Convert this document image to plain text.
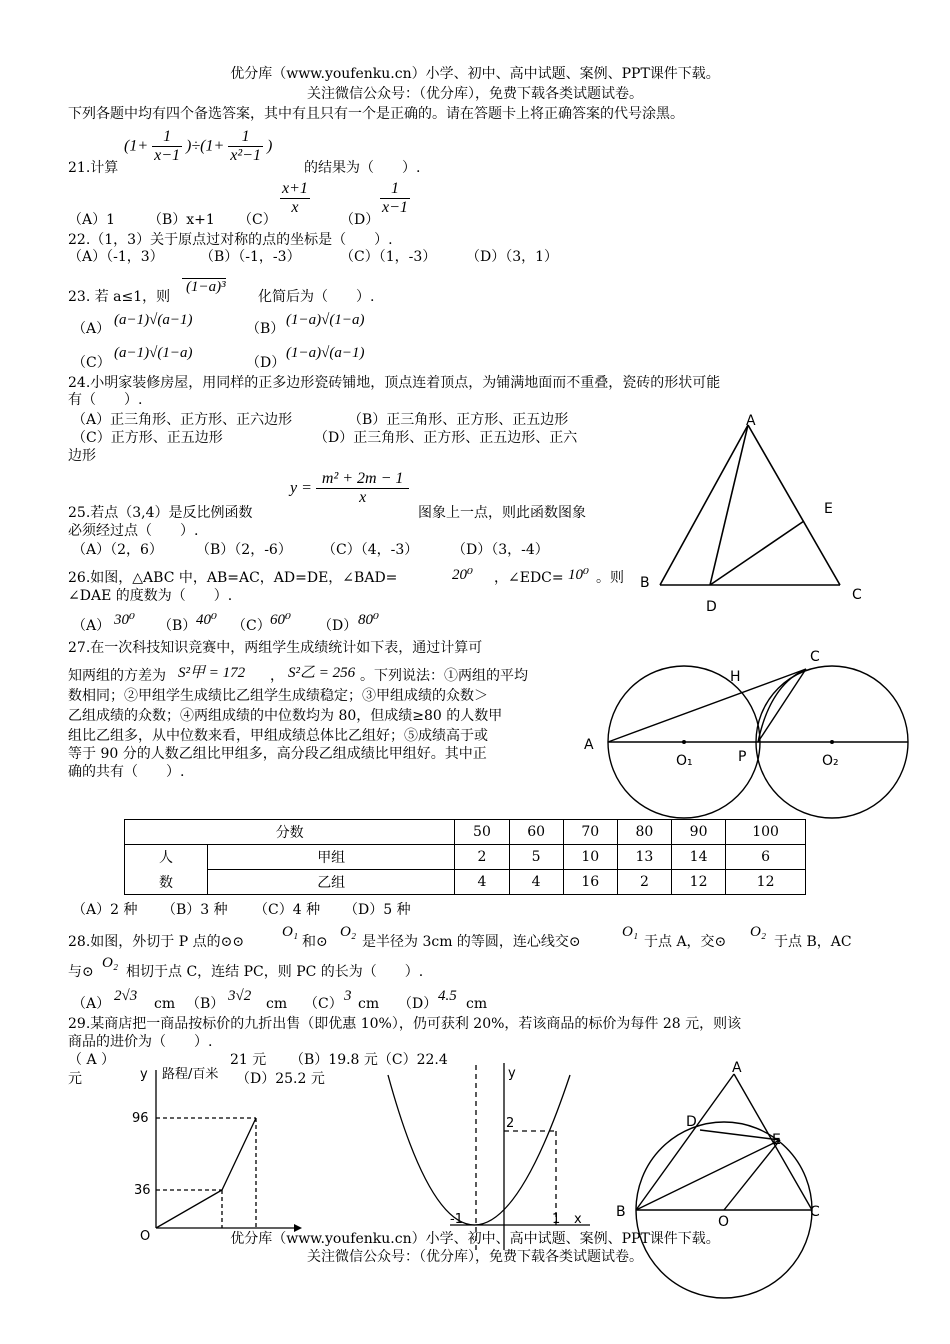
优分库（www.youfenku.cn）小学、初中、高中试题、案例、PPT课件下载。
关注微信公众号：（优分库），免费下载各类试题试卷。
下列各题中均有四个备选答案，其中有且只有一个是正确的。请在答题卡上将正确答案的代号涂黑。
21.计算
$(1+ \frac{1}{x-1} )\div(1+ \frac{1}{\text{x²−1}}$ )
的结果为（　　）.
（A）1 （B）x+1 （C）
$\frac{x+1}{x}$
（D）
$\frac{1}{x-1}$
22.（1，3）关于原点过对称的点的坐标是（　　）.
（A）（-1，3）	（B）（-1，-3）	（C）（1，-3） （D）（3，1）
23. 若 a≤1，则
(1−a)³
化简后为（　　）.
（A）
(a−1)√(a−1)
（B）
(1−a)√(1−a)
（C）
(a−1)√(1−a)
（D）
(1−a)√(a−1)
24.小明家装修房屋，用同样的正多边形瓷砖铺地，顶点连着顶点，为铺满地面而不重叠，瓷砖的形状可能
有（　　）.
（A）正三角形、正方形、正六边形	（B）正三角形、正方形、正五边形
（C）正方形、正五边形	（D）正三角形、正方形、正五边形、正六
边形
$y = \frac{\text{m² + 2m − 1}}{x}$
25.若点（3,4）是反比例函数	图象上一点，则此函数图象
必须经过点（　　）.
（A）（2，6） （B）（2，-6） （C）（4，-3） （D）（3，-4）
26.如图，△ABC 中，AB=AC，AD=DE，∠BAD=	20⁰ ，∠EDC= 10⁰ 。则
∠DAE 的度数为（　　）.
（A） 30⁰ （B） 40⁰ （C） 60⁰ （D） 80⁰
A
E
B
D
C
27.在一次科技知识竞赛中，两组学生成绩统计如下表，通过计算可
知两组的方差为 S²甲 = 172 ， S²乙 = 256 。下列说法：①两组的平均
数相同；②甲组学生成绩比乙组学生成绩稳定；③甲组成绩的众数＞
乙组成绩的众数；④两组成绩的中位数均为 80，但成绩≥80 的人数甲
组比乙组多，从中位数来看，甲组成绩总体比乙组好；⑤成绩高于或
等于 90 分的人数乙组比甲组多，高分段乙组成绩比甲组好。其中正
确的共有（　　）.
C
H
A
O₁	P	O₂
分数		50	60	70	80	90	100
人	甲组	2	5	10	13	14	6
数	乙组	4	4	16	2	12	12
（A）2 种 （B）3 种 （C）4 种 （D）5 种
28.如图，外切于 P 点的⊙⊙
O₁
和⊙
O₂
是半径为 3cm 的等圆，连心线交⊙
O₁
于点 A，交⊙
O₂
于点 B，AC
与⊙
O₂
相切于点 C，连结 PC，则 PC 的长为（　　）.
（A） 2√3 cm （B） 3√2 cm （C） 3 cm （D） 4.5 cm
29.某商店把一商品按标价的九折出售（即优惠 10%），仍可获利 20%，若该商品的标价为每件 28 元，则该
商品的进价为（　　）.
（ A ）	21 元 （B）19.8 元（C）22.4
元	（D）25.2 元
y 路程/百米
96
36
O
y
2
-1	1 x
A
D
E
B
O
C
优分库（www.youfenku.cn）小学、初中、高中试题、案例、PPT课件下载。
关注微信公众号：（优分库），免费下载各类试题试卷。
